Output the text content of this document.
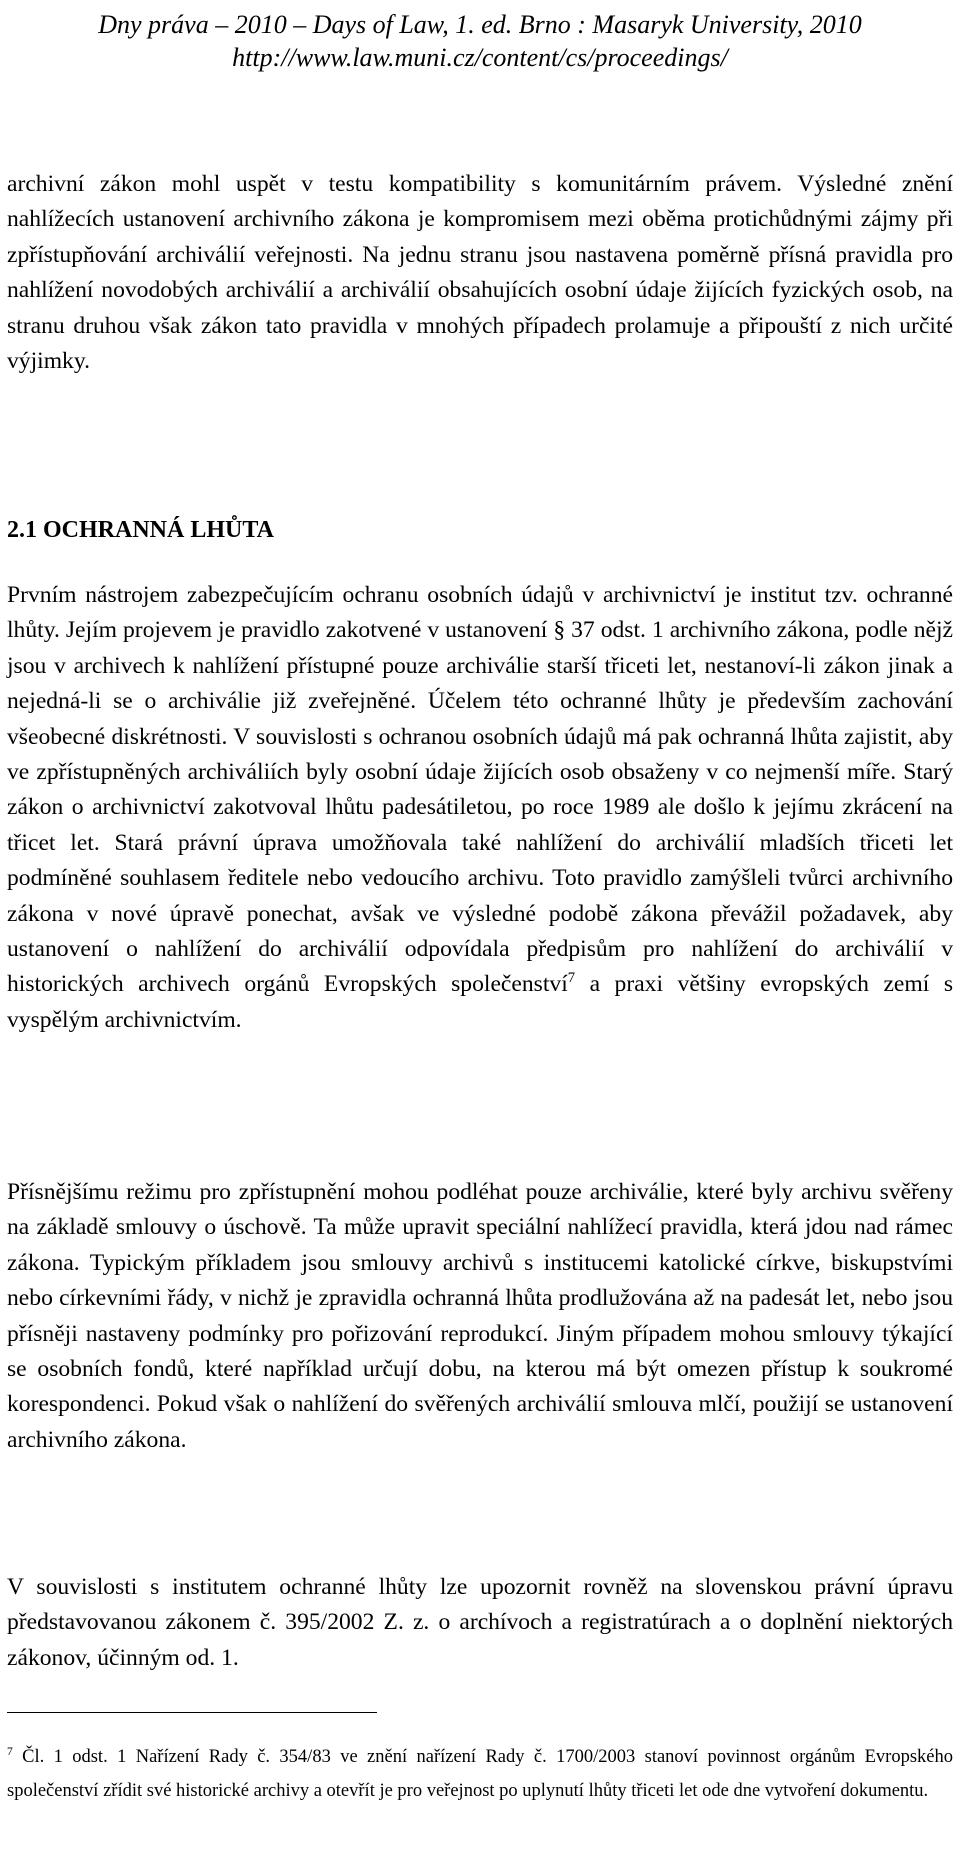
Dny práva – 2010 – Days of Law, 1. ed. Brno : Masaryk University, 2010
http://www.law.muni.cz/content/cs/proceedings/
archivní zákon mohl uspět v testu kompatibility s komunitárním právem. Výsledné znění nahlížecích ustanovení archivního zákona je kompromisem mezi oběma protichůdnými zájmy při zpřístupňování archiválií veřejnosti. Na jednu stranu jsou nastavena poměrně přísná pravidla pro nahlížení novodobých archiválií a archiválií obsahujících osobní údaje žijících fyzických osob, na stranu druhou však zákon tato pravidla v mnohých případech prolamuje a připouští z nich určité výjimky.
2.1 OCHRANNÁ LHŮTA
Prvním nástrojem zabezpečujícím ochranu osobních údajů v archivnictví je institut tzv. ochranné lhůty. Jejím projevem je pravidlo zakotvené v ustanovení § 37 odst. 1 archivního zákona, podle nějž jsou v archivech k nahlížení přístupné pouze archiválie starší třiceti let, nestanoví-li zákon jinak a nejedná-li se o archiválie již zveřejněné. Účelem této ochranné lhůty je především zachování všeobecné diskrétnosti. V souvislosti s ochranou osobních údajů má pak ochranná lhůta zajistit, aby ve zpřístupněných archiváliích byly osobní údaje žijících osob obsaženy v co nejmenší míře. Starý zákon o archivnictví zakotvoval lhůtu padesátiletou, po roce 1989 ale došlo k jejímu zkrácení na třicet let. Stará právní úprava umožňovala také nahlížení do archiválií mladších třiceti let podmíněné souhlasem ředitele nebo vedoucího archivu. Toto pravidlo zamýšleli tvůrci archivního zákona v nové úpravě ponechat, avšak ve výsledné podobě zákona převážil požadavek, aby ustanovení o nahlížení do archiválií odpovídala předpisům pro nahlížení do archiválií v historických archivech orgánů Evropských společenství$^7$ a praxi většiny evropských zemí s vyspělým archivnictvím.
Přísnějšímu režimu pro zpřístupnění mohou podléhat pouze archiválie, které byly archivu svěřeny na základě smlouvy o úschově. Ta může upravit speciální nahlížecí pravidla, která jdou nad rámec zákona. Typickým příkladem jsou smlouvy archivů s institucemi katolické církve, biskupstvími nebo církevními řády, v nichž je zpravidla ochranná lhůta prodlužována až na padesát let, nebo jsou přísněji nastaveny podmínky pro pořizování reprodukcí. Jiným případem mohou smlouvy týkající se osobních fondů, které například určují dobu, na kterou má být omezen přístup k soukromé korespondenci. Pokud však o nahlížení do svěřených archiválií smlouva mlčí, použijí se ustanovení archivního zákona.
V souvislosti s institutem ochranné lhůty lze upozornit rovněž na slovenskou právní úpravu představovanou zákonem č. 395/2002 Z. z. o archívoch a registratúrach a o doplnění niektorých zákonov, účinným od. 1.
$^7$ Čl. 1 odst. 1 Nařízení Rady č. 354/83 ve znění nařízení Rady č. 1700/2003 stanoví povinnost orgánům Evropského společenství zřídit své historické archivy a otevřít je pro veřejnost po uplynutí lhůty třiceti let ode dne vytvoření dokumentu.
